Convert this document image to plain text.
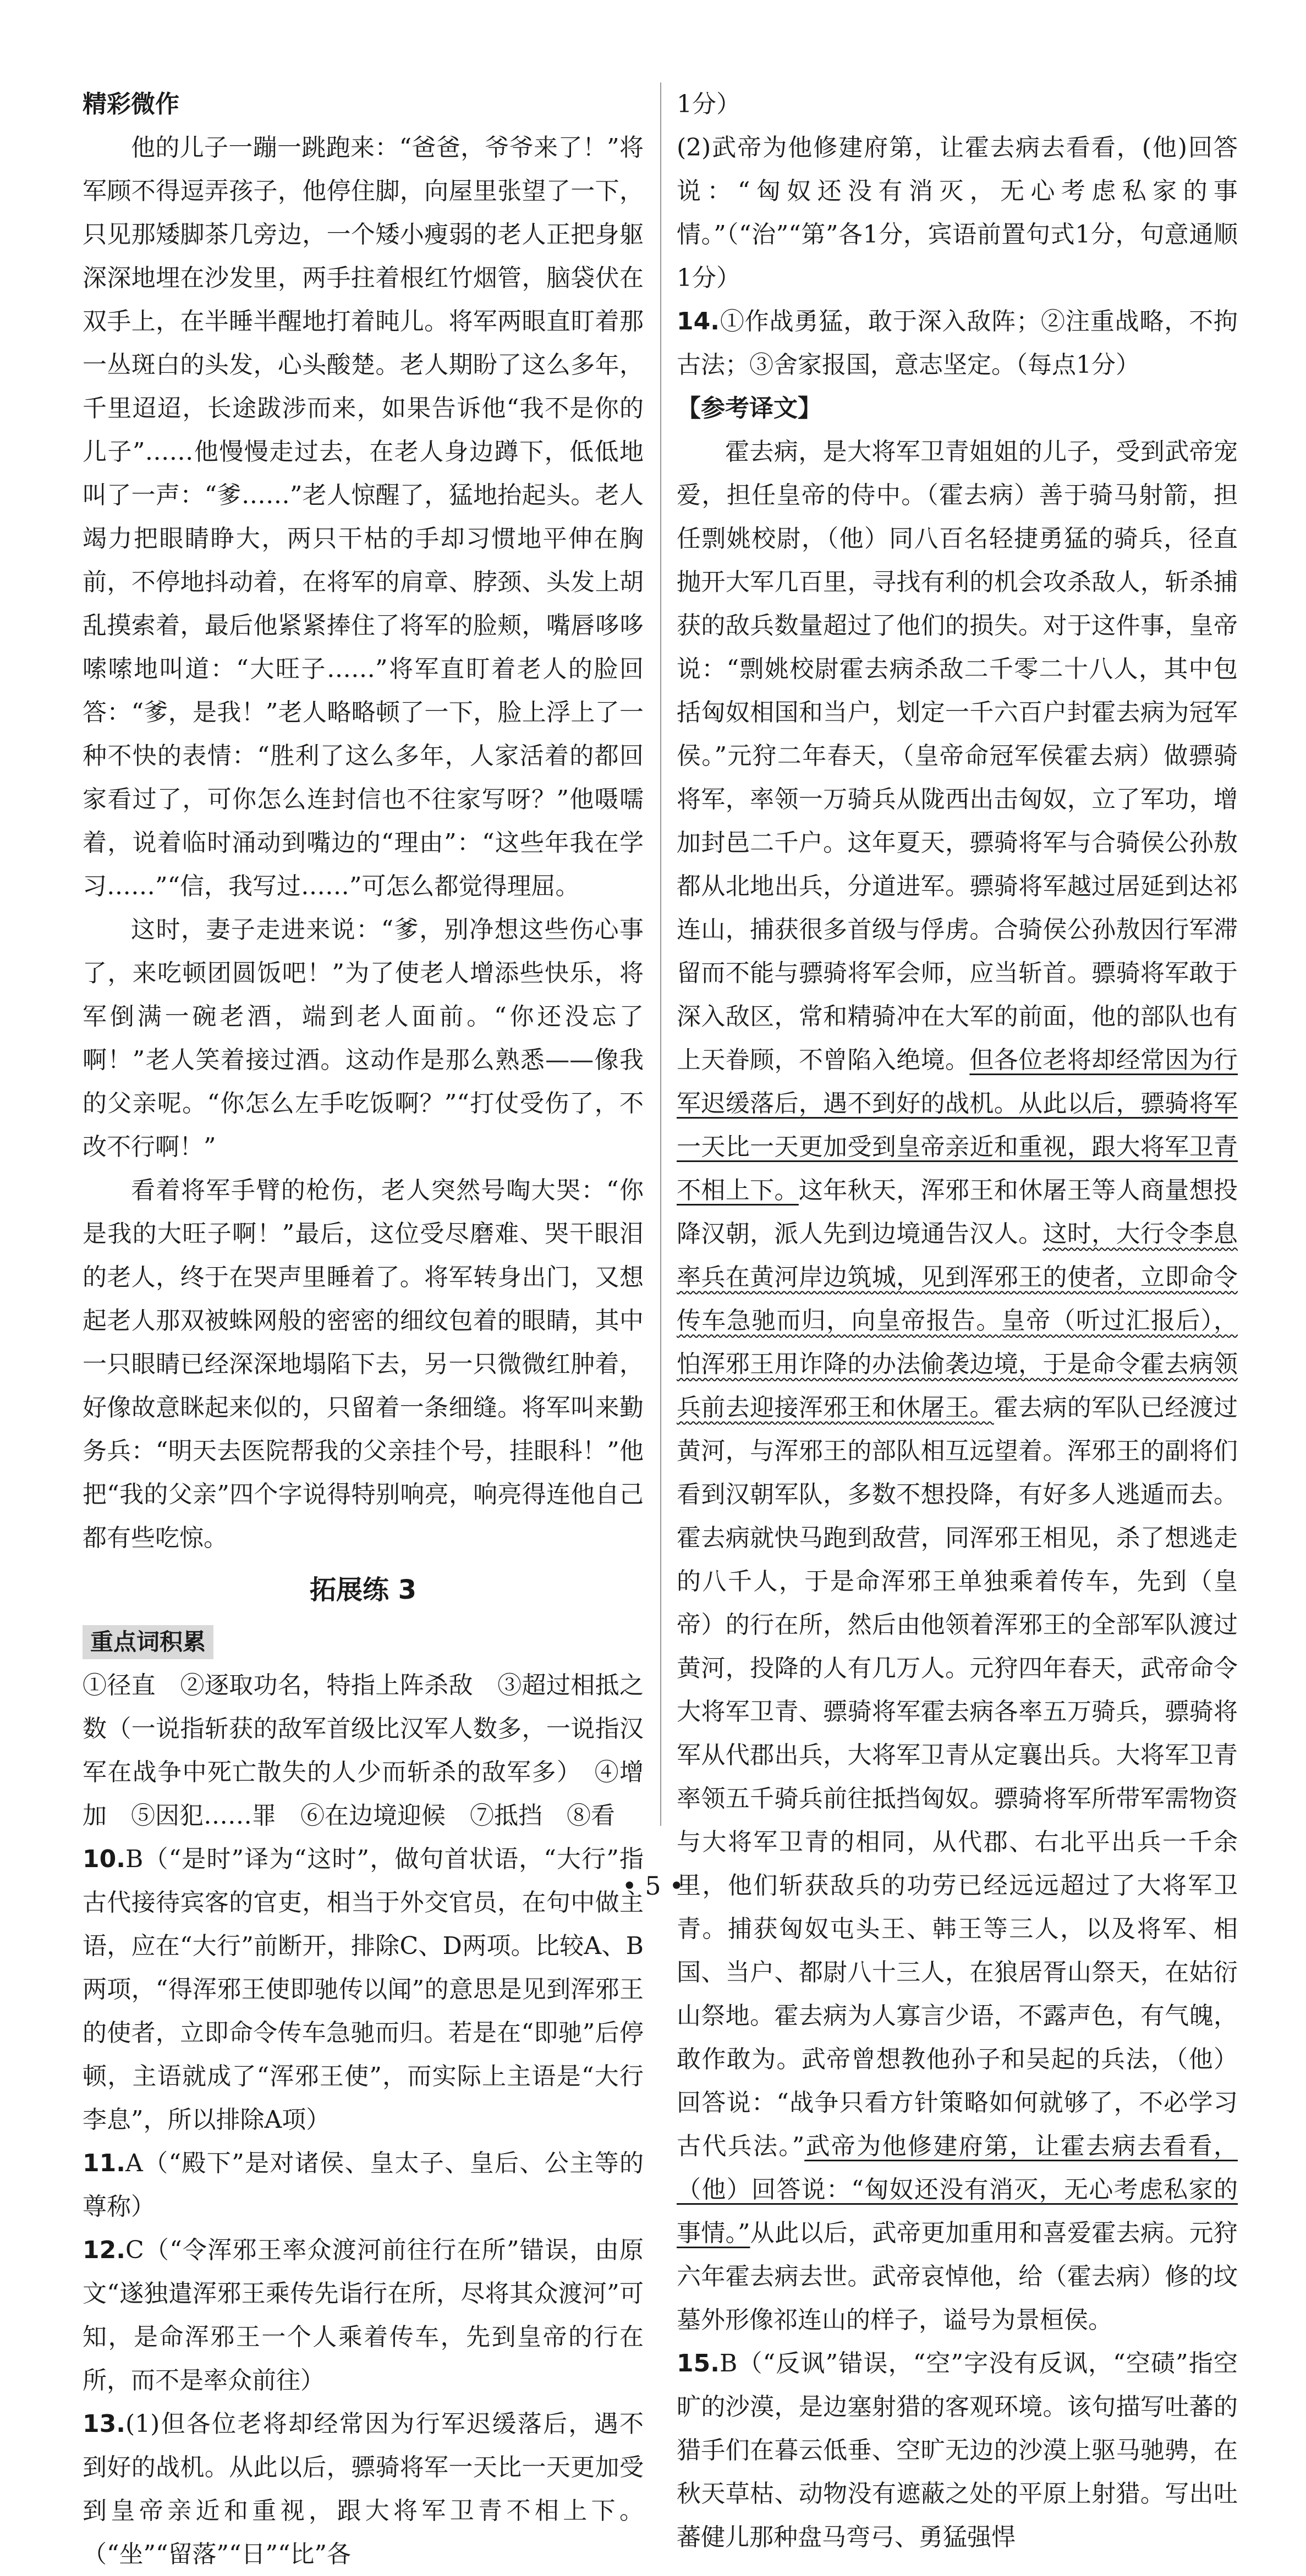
精彩微作

他的儿子一蹦一跳跑来：“爸爸，爷爷来了！”将军顾不得逗弄孩子，他停住脚，向屋里张望了一下，只见那矮脚茶几旁边，一个矮小瘦弱的老人正把身躯深深地埋在沙发里，两手拄着根红竹烟管，脑袋伏在双手上，在半睡半醒地打着盹儿。将军两眼直盯着那一丛斑白的头发，心头酸楚。老人期盼了这么多年，千里迢迢，长途跋涉而来，如果告诉他“我不是你的儿子”……他慢慢走过去，在老人身边蹲下，低低地叫了一声：“爹……”老人惊醒了，猛地抬起头。老人竭力把眼睛睁大，两只干枯的手却习惯地平伸在胸前，不停地抖动着，在将军的肩章、脖颈、头发上胡乱摸索着，最后他紧紧捧住了将军的脸颊，嘴唇哆哆嗦嗦地叫道：“大旺子……”将军直盯着老人的脸回答：“爹，是我！”老人略略顿了一下，脸上浮上了一种不快的表情：“胜利了这么多年，人家活着的都回家看过了，可你怎么连封信也不往家写呀？”他嗫嚅着，说着临时涌动到嘴边的“理由”：“这些年我在学习……”“信，我写过……”可怎么都觉得理屈。

这时，妻子走进来说：“爹，别净想这些伤心事了，来吃顿团圆饭吧！”为了使老人增添些快乐，将军倒满一碗老酒，端到老人面前。“你还没忘了啊！”老人笑着接过酒。这动作是那么熟悉——像我的父亲呢。“你怎么左手吃饭啊？”“打仗受伤了，不改不行啊！”

看着将军手臂的枪伤，老人突然号啕大哭：“你是我的大旺子啊！”最后，这位受尽磨难、哭干眼泪的老人，终于在哭声里睡着了。将军转身出门，又想起老人那双被蛛网般的密密的细纹包着的眼睛，其中一只眼睛已经深深地塌陷下去，另一只微微红肿着，好像故意眯起来似的，只留着一条细缝。将军叫来勤务兵：“明天去医院帮我的父亲挂个号，挂眼科！”他把“我的父亲”四个字说得特别响亮，响亮得连他自己都有些吃惊。

拓展练 3

重点词积累

①径直　②逐取功名，特指上阵杀敌　③超过相抵之数（一说指斩获的敌军首级比汉军人数多，一说指汉军在战争中死亡散失的人少而斩杀的敌军多）　④增加　⑤因犯……罪　⑥在边境迎候　⑦抵挡　⑧看

10.B（“是时”译为“这时”，做句首状语，“大行”指古代接待宾客的官吏，相当于外交官员，在句中做主语，应在“大行”前断开，排除C、D两项。比较A、B两项，“得浑邪王使即驰传以闻”的意思是见到浑邪王的使者，立即命令传车急驰而归。若是在“即驰”后停顿，主语就成了“浑邪王使”，而实际上主语是“大行李息”，所以排除A项）

11.A（“殿下”是对诸侯、皇太子、皇后、公主等的尊称）

12.C（“令浑邪王率众渡河前往行在所”错误，由原文“遂独遣浑邪王乘传先诣行在所，尽将其众渡河”可知，是命浑邪王一个人乘着传车，先到皇帝的行在所，而不是率众前往）

13.(1)但各位老将却经常因为行军迟缓落后，遇不到好的战机。从此以后，骠骑将军一天比一天更加受到皇帝亲近和重视，跟大将军卫青不相上下。（“坐”“留落”“日”“比”各

1分）

(2)武帝为他修建府第，让霍去病去看看，(他)回答说：“匈奴还没有消灭，无心考虑私家的事情。”（“治”“第”各1分，宾语前置句式1分，句意通顺1分）

14.①作战勇猛，敢于深入敌阵；②注重战略，不拘古法；③舍家报国，意志坚定。（每点1分）

【参考译文】

霍去病，是大将军卫青姐姐的儿子，受到武帝宠爱，担任皇帝的侍中。（霍去病）善于骑马射箭，担任剽姚校尉，（他）同八百名轻捷勇猛的骑兵，径直抛开大军几百里，寻找有利的机会攻杀敌人，斩杀捕获的敌兵数量超过了他们的损失。对于这件事，皇帝说：“剽姚校尉霍去病杀敌二千零二十八人，其中包括匈奴相国和当户，划定一千六百户封霍去病为冠军侯。”元狩二年春天，（皇帝命冠军侯霍去病）做骠骑将军，率领一万骑兵从陇西出击匈奴，立了军功，增加封邑二千户。这年夏天，骠骑将军与合骑侯公孙敖都从北地出兵，分道进军。骠骑将军越过居延到达祁连山，捕获很多首级与俘虏。合骑侯公孙敖因行军滞留而不能与骠骑将军会师，应当斩首。骠骑将军敢于深入敌区，常和精骑冲在大军的前面，他的部队也有上天眷顾，不曾陷入绝境。但各位老将却经常因为行军迟缓落后，遇不到好的战机。从此以后，骠骑将军一天比一天更加受到皇帝亲近和重视，跟大将军卫青不相上下。这年秋天，浑邪王和休屠王等人商量想投降汉朝，派人先到边境通告汉人。这时，大行令李息率兵在黄河岸边筑城，见到浑邪王的使者，立即命令传车急驰而归，向皇帝报告。皇帝（听过汇报后），怕浑邪王用诈降的办法偷袭边境，于是命令霍去病领兵前去迎接浑邪王和休屠王。霍去病的军队已经渡过黄河，与浑邪王的部队相互远望着。浑邪王的副将们看到汉朝军队，多数不想投降，有好多人逃遁而去。霍去病就快马跑到敌营，同浑邪王相见，杀了想逃走的八千人，于是命浑邪王单独乘着传车，先到（皇帝）的行在所，然后由他领着浑邪王的全部军队渡过黄河，投降的人有几万人。元狩四年春天，武帝命令大将军卫青、骠骑将军霍去病各率五万骑兵，骠骑将军从代郡出兵，大将军卫青从定襄出兵。大将军卫青率领五千骑兵前往抵挡匈奴。骠骑将军所带军需物资与大将军卫青的相同，从代郡、右北平出兵一千余里，他们斩获敌兵的功劳已经远远超过了大将军卫青。捕获匈奴屯头王、韩王等三人，以及将军、相国、当户、都尉八十三人，在狼居胥山祭天，在姑衍山祭地。霍去病为人寡言少语，不露声色，有气魄，敢作敢为。武帝曾想教他孙子和吴起的兵法，（他）回答说：“战争只看方针策略如何就够了，不必学习古代兵法。”武帝为他修建府第，让霍去病去看看，（他）回答说：“匈奴还没有消灭，无心考虑私家的事情。”从此以后，武帝更加重用和喜爱霍去病。元狩六年霍去病去世。武帝哀悼他，给（霍去病）修的坟墓外形像祁连山的样子，谥号为景桓侯。

15.B（“反讽”错误，“空”字没有反讽，“空碛”指空旷的沙漠，是边塞射猎的客观环境。该句描写吐蕃的猎手们在暮云低垂、空旷无边的沙漠上驱马驰骋，在秋天草枯、动物没有遮蔽之处的平原上射猎。写出吐蕃健儿那种盘马弯弓、勇猛强悍

• 5 •
